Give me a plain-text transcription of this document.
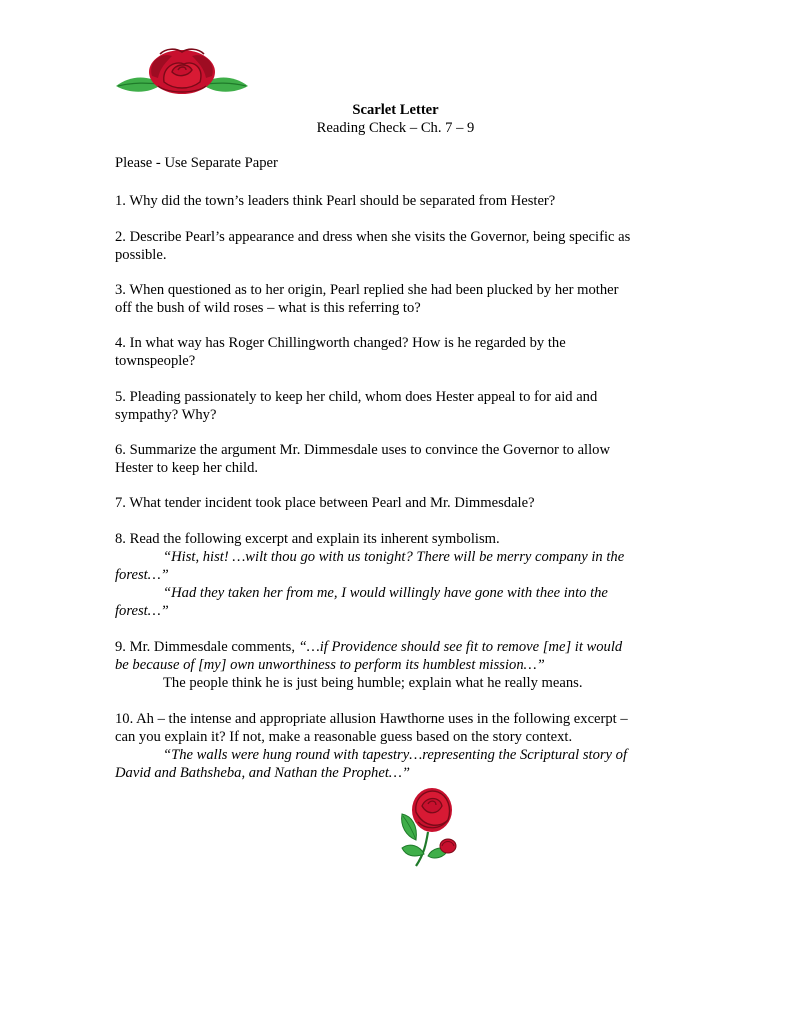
Scarlet Letter
Reading Check – Ch. 7 – 9

Please - Use Separate Paper

1. Why did the town’s leaders think Pearl should be separated from Hester?

2. Describe Pearl’s appearance and dress when she visits the Governor, being specific as
possible.

3. When questioned as to her origin, Pearl replied she had been plucked by her mother
off the bush of wild roses – what is this referring to?

4. In what way has Roger Chillingworth changed? How is he regarded by the
townspeople?

5. Pleading passionately to keep her child, whom does Hester appeal to for aid and
sympathy? Why?

6. Summarize the argument Mr. Dimmesdale uses to convince the Governor to allow
Hester to keep her child.

7. What tender incident took place between Pearl and Mr. Dimmesdale?

8. Read the following excerpt and explain its inherent symbolism.
“Hist, hist! …wilt thou go with us tonight? There will be merry company in the
forest…”
“Had they taken her from me, I would willingly have gone with thee into the
forest…”
9. Mr. Dimmesdale comments, “…if Providence should see fit to remove [me] it would
be because of [my] own unworthiness to perform its humblest mission…”
The people think he is just being humble; explain what he really means.
10. Ah – the intense and appropriate allusion Hawthorne uses in the following excerpt –
can you explain it? If not, make a reasonable guess based on the story context.
“The walls were hung round with tapestry…representing the Scriptural story of
David and Bathsheba, and Nathan the Prophet…”
